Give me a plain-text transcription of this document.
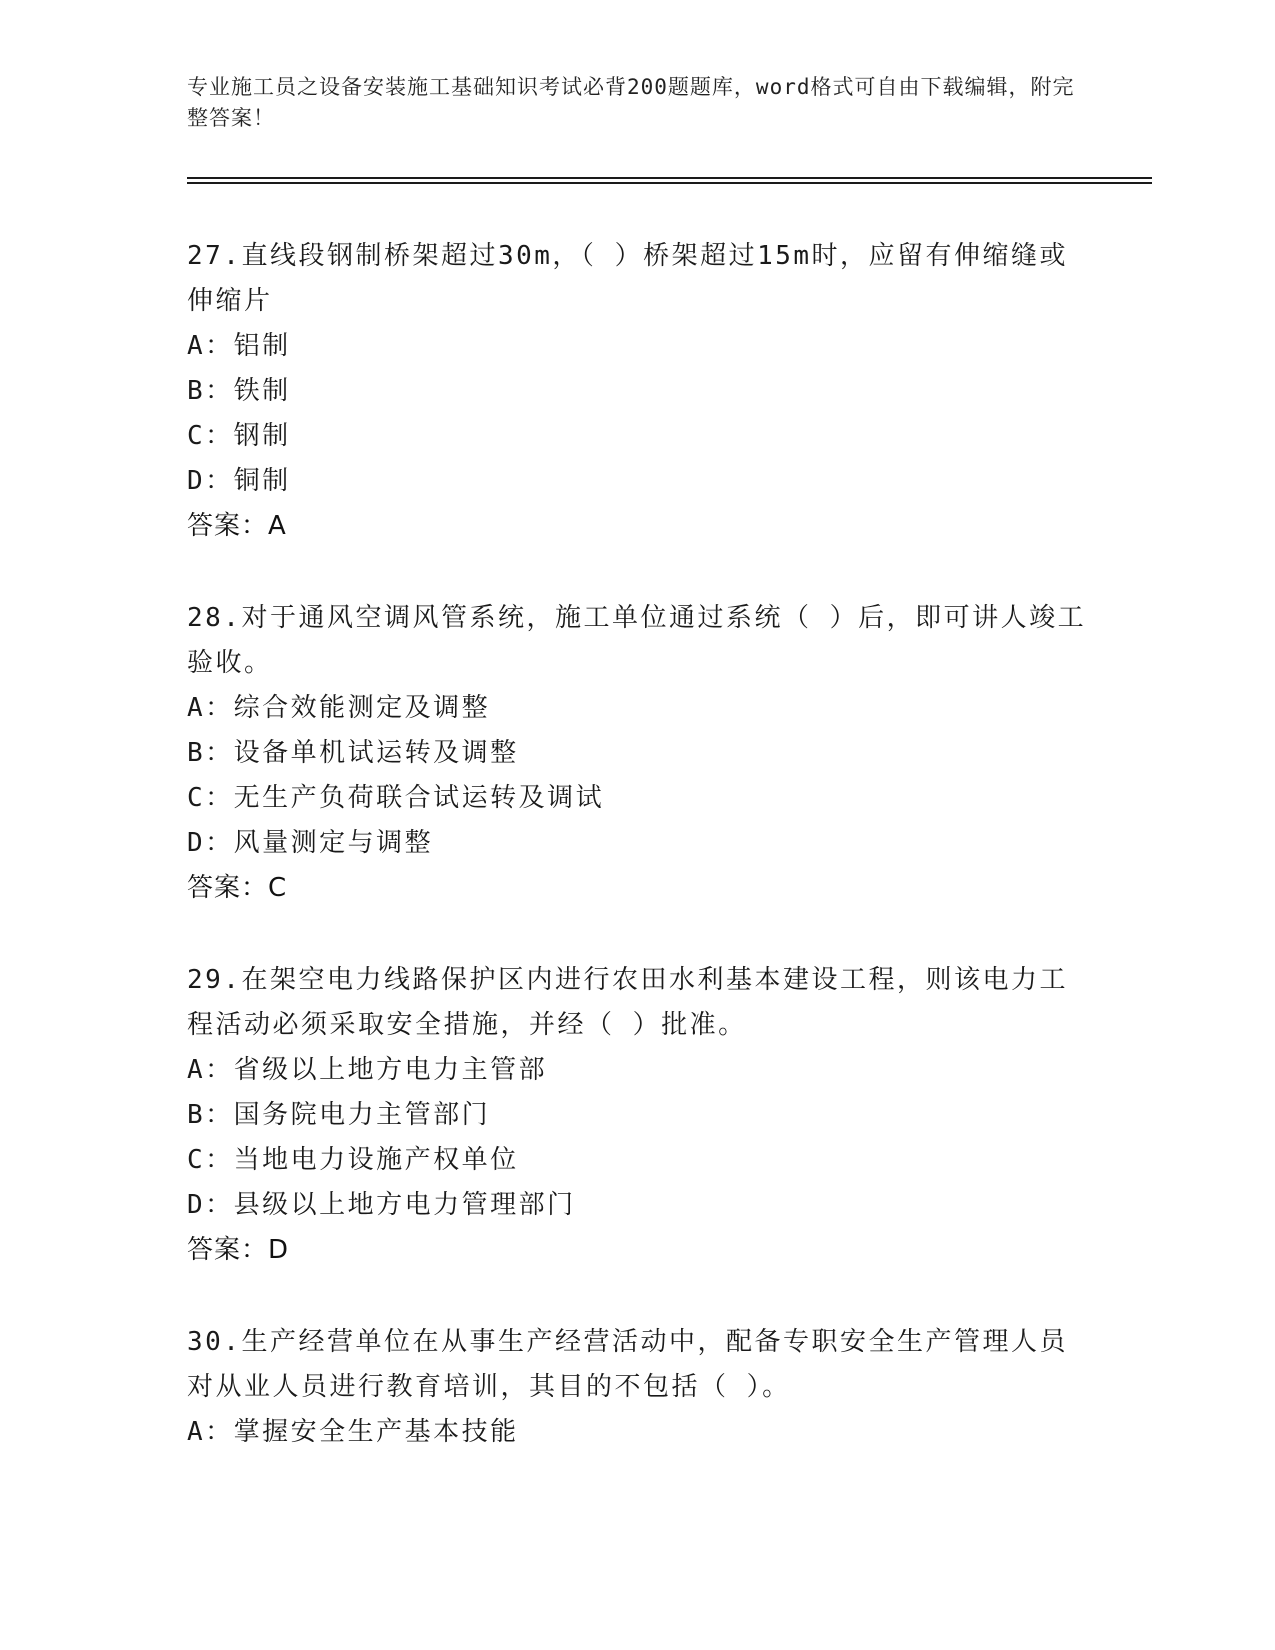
专业施工员之设备安装施工基础知识考试必背200题题库，word格式可自由下载编辑，附完整答案！
27.直线段钢制桥架超过30m，（ ）桥架超过15m时，应留有伸缩缝或伸缩片
A：铝制
B：铁制
C：钢制
D：铜制
答案：A
28.对于通风空调风管系统，施工单位通过系统（ ）后，即可讲人竣工验收。
A：综合效能测定及调整
B：设备单机试运转及调整
C：无生产负荷联合试运转及调试
D：风量测定与调整
答案：C
29.在架空电力线路保护区内进行农田水利基本建设工程，则该电力工程活动必须采取安全措施，并经（ ）批准。
A：省级以上地方电力主管部
B：国务院电力主管部门
C：当地电力设施产权单位
D：县级以上地方电力管理部门
答案：D
30.生产经营单位在从事生产经营活动中，配备专职安全生产管理人员对从业人员进行教育培训，其目的不包括（ ）。
A：掌握安全生产基本技能
